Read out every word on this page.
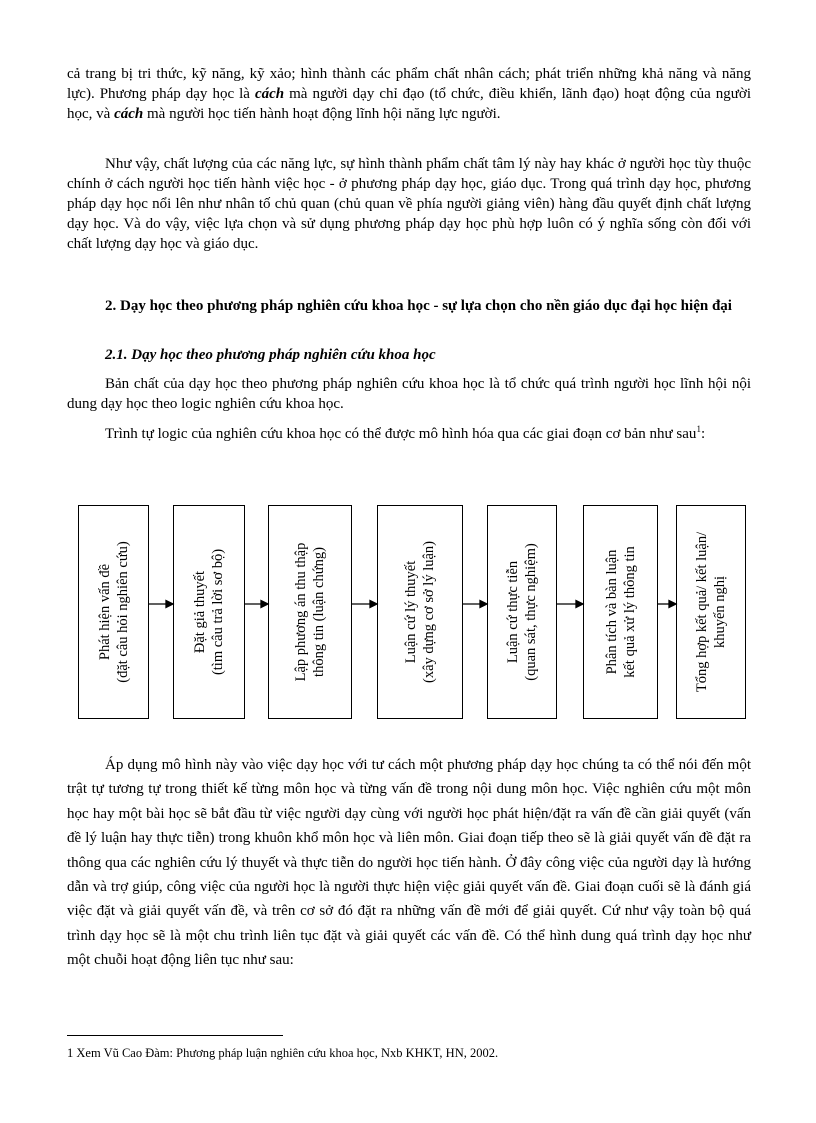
cả trang bị tri thức, kỹ năng, kỹ xảo; hình thành các phẩm chất nhân cách; phát triển những khả năng và năng lực). Phương pháp dạy học là cách mà người dạy chỉ đạo (tổ chức, điều khiển, lãnh đạo) hoạt động của người học, và cách mà người học tiến hành hoạt động lĩnh hội năng lực người.

Như vậy, chất lượng của các năng lực, sự hình thành phẩm chất tâm lý này hay khác ở người học tùy thuộc chính ở cách người học tiến hành việc học - ở phương pháp dạy học, giáo dục. Trong quá trình dạy học, phương pháp dạy học nổi lên như nhân tố chủ quan (chủ quan về phía người giảng viên) hàng đầu quyết định chất lượng dạy học. Và do vậy, việc lựa chọn và sử dụng phương pháp dạy học phù hợp luôn có ý nghĩa sống còn đối với chất lượng dạy học và giáo dục.

2. Dạy học theo phương pháp nghiên cứu khoa học - sự lựa chọn cho nền giáo dục đại học hiện đại

2.1. Dạy học theo phương pháp nghiên cứu khoa học

Bản chất của dạy học theo phương pháp nghiên cứu khoa học là tổ chức quá trình người học lĩnh hội nội dung dạy học theo logic nghiên cứu khoa học.

Trình tự logic của nghiên cứu khoa học có thể được mô hình hóa qua các giai đoạn cơ bản như sau$^1$:

Phát hiện vấn đề (đặt câu hỏi nghiên cứu)	Đặt giả thuyết (tìm câu trả lời sơ bộ)	Lập phương án thu thập thông tin (luận chứng)	Luận cứ lý thuyết (xây dựng cơ sở lý luận)	Luận cứ thực tiễn (quan sát, thực nghiệm)	Phân tích và bàn luận kết quả xử lý thông tin	Tổng hợp kết quả/ kết luận/ khuyến nghị

Áp dụng mô hình này vào việc dạy học với tư cách một phương pháp dạy học chúng ta có thể nói đến một trật tự tương tự trong thiết kế từng môn học và từng vấn đề trong nội dung môn học. Việc nghiên cứu một môn học hay một bài học sẽ bắt đầu từ việc người dạy cùng với người học phát hiện/đặt ra vấn đề cần giải quyết (vấn đề lý luận hay thực tiễn) trong khuôn khổ môn học và liên môn. Giai đoạn tiếp theo sẽ là giải quyết vấn đề đặt ra thông qua các nghiên cứu lý thuyết và thực tiễn do người học tiến hành. Ở đây công việc của người dạy là hướng dẫn và trợ giúp, công việc của người học là người thực hiện việc giải quyết vấn đề. Giai đoạn cuối sẽ là đánh giá việc đặt và giải quyết vấn đề, và trên cơ sở đó đặt ra những vấn đề mới để giải quyết. Cứ như vậy toàn bộ quá trình dạy học sẽ là một chu trình liên tục đặt và giải quyết các vấn đề. Có thể hình dung quá trình dạy học như một chuỗi hoạt động liên tục như sau:

1 Xem Vũ Cao Đàm: Phương pháp luận nghiên cứu khoa học, Nxb KHKT, HN, 2002.
